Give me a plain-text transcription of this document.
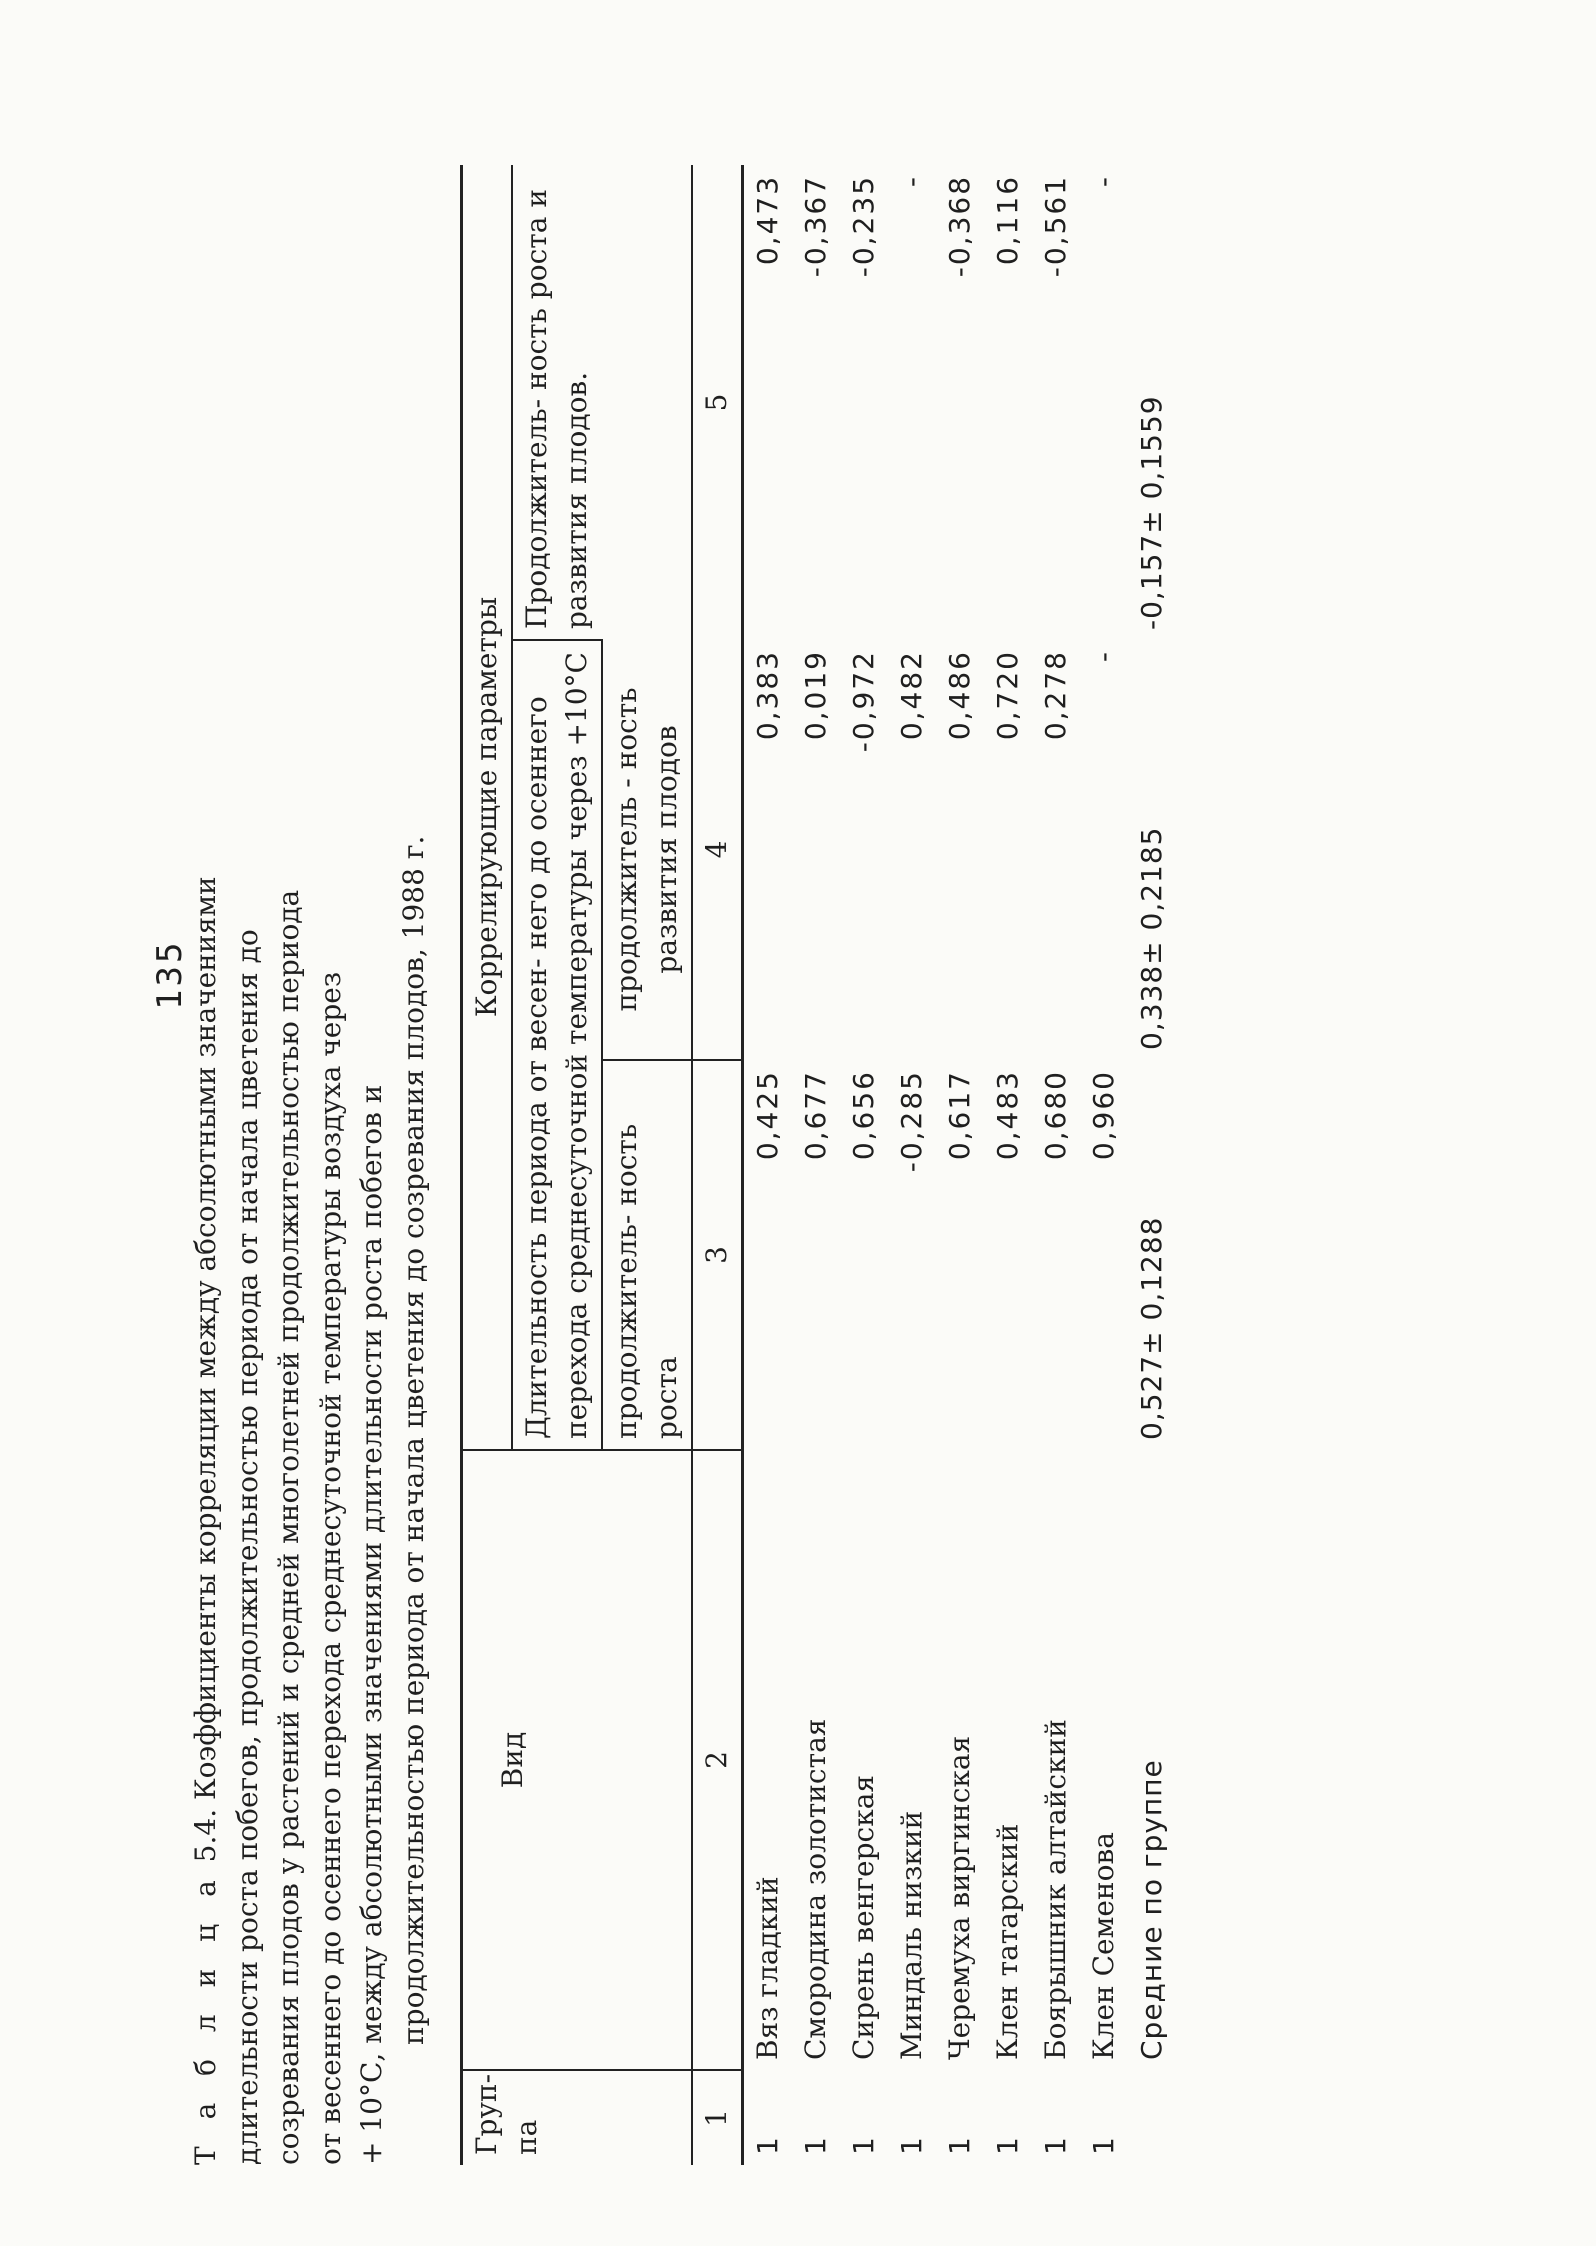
135
Т а б л и ц а 5.4. Коэффициенты корреляции между абсолютными значениями длительности роста побегов, продолжительностью периода от начала цветения до созревания плодов у растений и средней многолетней продолжительностью периода от весеннего до осеннего перехода среднесуточной температуры воздуха через + 10°С, между абсолютными значениями длительности роста побегов и продолжительностью периода от начала цветения до созревания плодов, 1988 г.
Груп- па	Вид	Коррелирующие параметры		
		Длительность периода от весен- него до осеннего перехода среднесуточной температуры через +10°С		Продолжитель- ность роста и развития плодов.
		продолжитель- ность роста	продолжитель - ность развития плодов	
1	2	3	4	5
1	Вяз гладкий	0,425	0,383	0,473
1	Смородина золотистая	0,677	0,019	-0,367
1	Сирень венгерская	0,656	-0,972	-0,235
1	Миндаль низкий	-0,285	0,482	-
1	Черемуха виргинская	0,617	0,486	-0,368
1	Клен татарский	0,483	0,720	0,116
1	Боярышник алтайский	0,680	0,278	-0,561
1	Клен Семенова	0,960	-	-
	Средние по группе	0,527± 0,1288	0,338± 0,2185	-0,157± 0,1559
